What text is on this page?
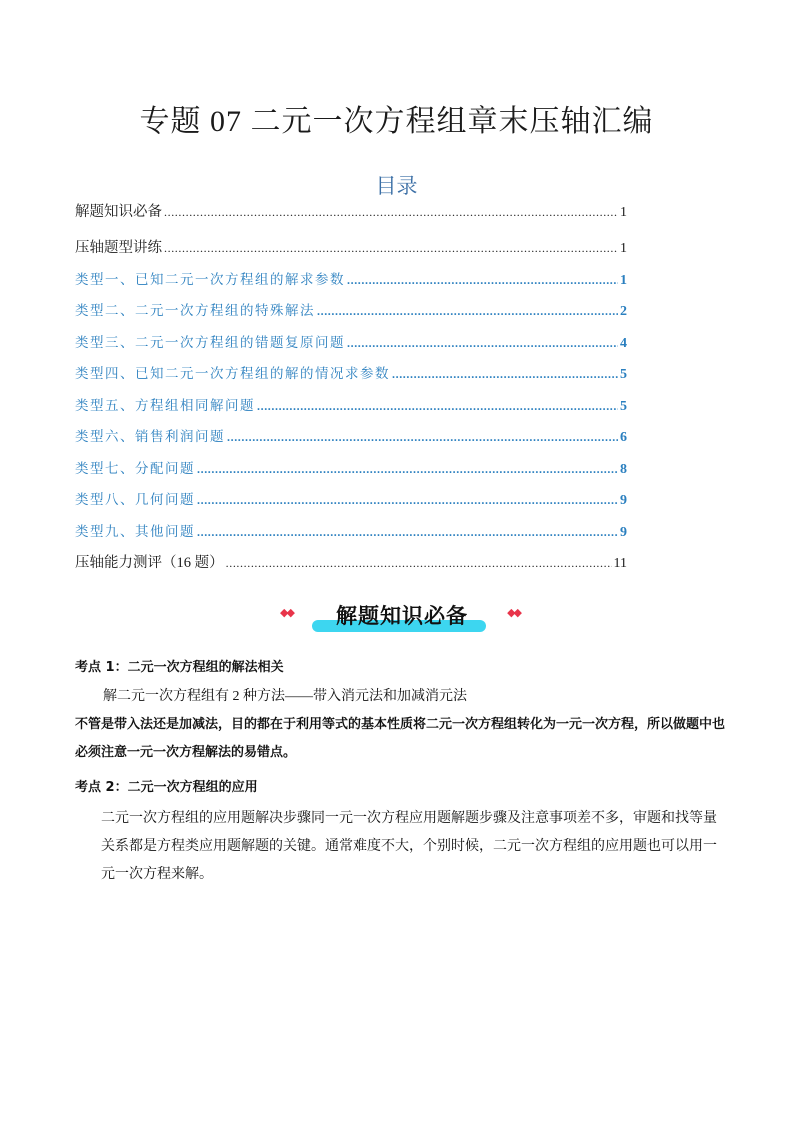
专题 07 二元一次方程组章末压轴汇编
目录
解题知识必备 .....	1
压轴题型讲练 .....	1
类型一、已知二元一次方程组的解求参数 .....	1
类型二、二元一次方程组的特殊解法 .....	2
类型三、二元一次方程组的错题复原问题 .....	4
类型四、已知二元一次方程组的解的情况求参数 .....	5
类型五、方程组相同解问题 .....	5
类型六、销售利润问题 .....	6
类型七、分配问题 .....	8
类型八、几何问题 .....	9
类型九、其他问题 .....	9
压轴能力测评（16 题） .....	11
◆◆	解题知识必备	◆◆
考点 1：二元一次方程组的解法相关
解二元一次方程组有 2 种方法——带入消元法和加减消元法
不管是带入法还是加减法，目的都在于利用等式的基本性质将二元一次方程组转化为一元一次方程，所以做题中也必须注意一元一次方程解法的易错点。
考点 2：二元一次方程组的应用
二元一次方程组的应用题解决步骤同一元一次方程应用题解题步骤及注意事项差不多，审题和找等量关系都是方程类应用题解题的关键。通常难度不大，个别时候，二元一次方程组的应用题也可以用一元一次方程来解。
